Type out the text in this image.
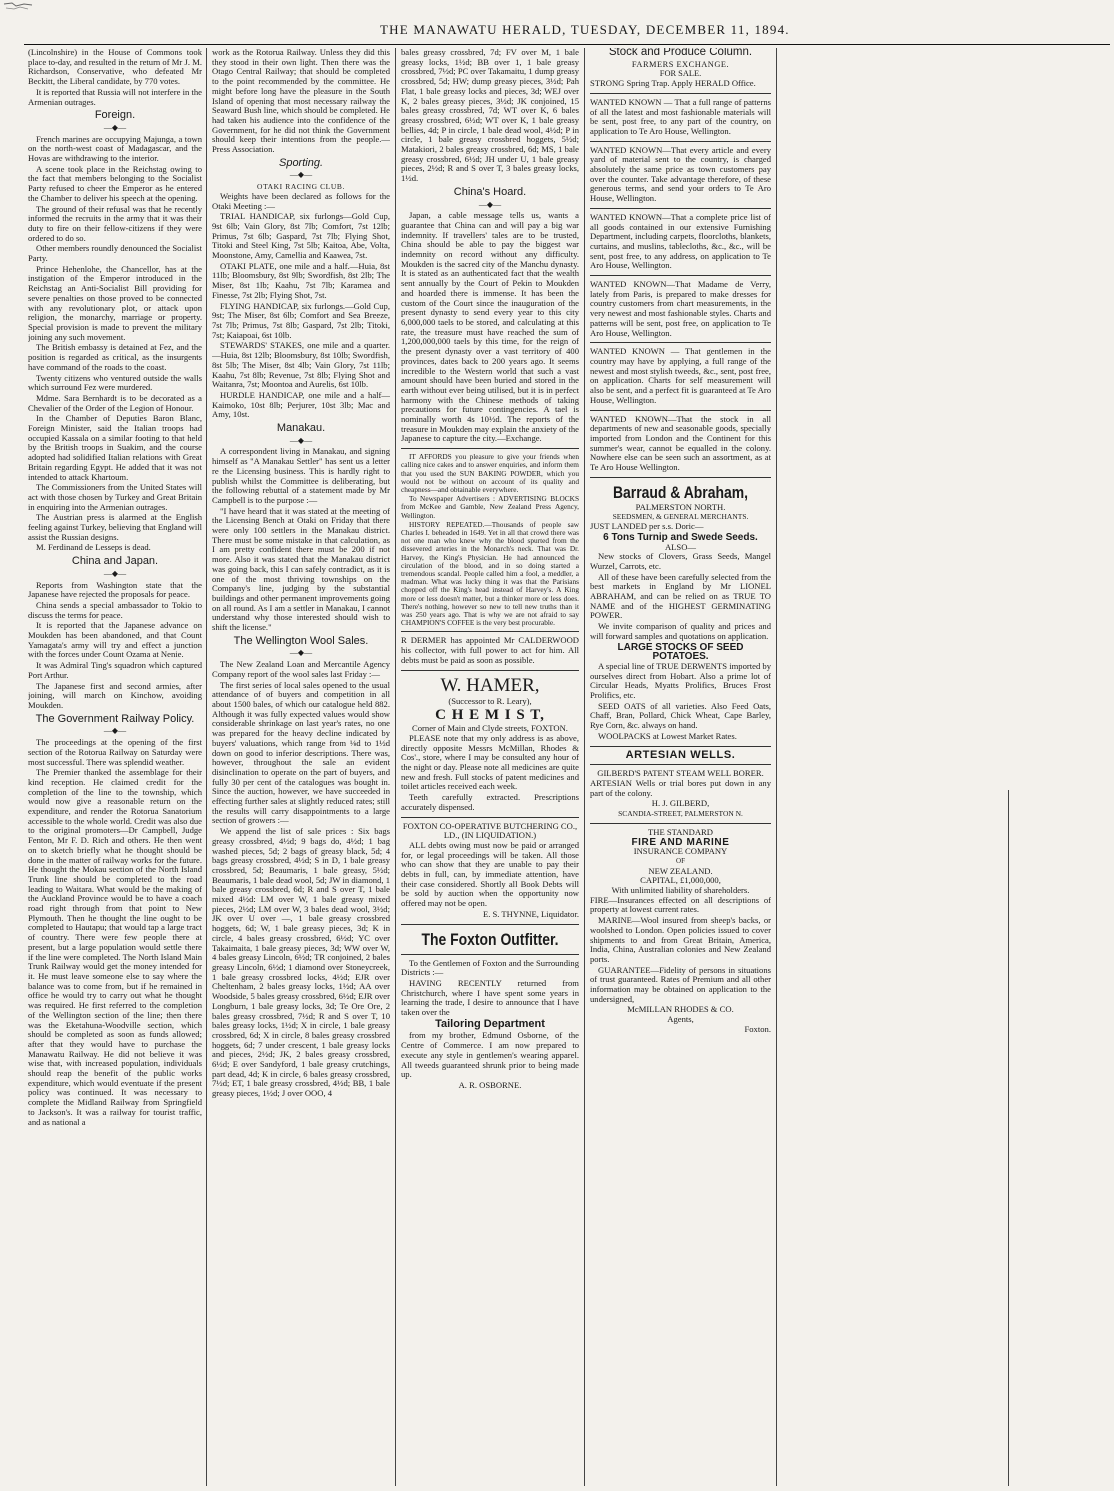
THE MANAWATU HERALD, TUESDAY, DECEMBER 11, 1894.

(Lincolnshire) in the House of Commons took place to-day, and resulted in the return of Mr J. M. Richardson, Conservative, who defeated Mr Beckitt, the Liberal candidate, by 770 votes.

It is reported that Russia will not interfere in the Armenian outrages.

Foreign.
—◆—

French marines are occupying Majunga, a town on the north-west coast of Madagascar, and the Hovas are withdrawing to the interior.

A scene took place in the Reichstag owing to the fact that members belonging to the Socialist Party refused to cheer the Emperor as he entered the Chamber to deliver his speech at the opening.

The ground of their refusal was that he recently informed the recruits in the army that it was their duty to fire on their fellow-citizens if they were ordered to do so.

Other members roundly denounced the Socialist Party.

Prince Hehenlohe, the Chancellor, has at the instigation of the Emperor introduced in the Reichstag an Anti-Socialist Bill providing for severe penalties on those proved to be connected with any revolutionary plot, or attack upon religion, the monarchy, marriage or property. Special provision is made to prevent the military joining any such movement.

The British embassy is detained at Fez, and the position is regarded as critical, as the insurgents have command of the roads to the coast.

Twenty citizens who ventured outside the walls which surround Fez were murdered.

Mdme. Sara Bernhardt is to be decorated as a Chevalier of the Order of the Legion of Honour.

In the Chamber of Deputies Baron Blanc, Foreign Minister, said the Italian troops had occupied Kassala on a similar footing to that held by the British troops in Suakim, and the course adopted had solidified Italian relations with Great Britain regarding Egypt. He added that it was not intended to attack Khartoum.

The Commissioners from the United States will act with those chosen by Turkey and Great Britain in enquiring into the Armenian outrages.

The Austrian press is alarmed at the English feeling against Turkey, believing that England will assist the Russian designs.

M. Ferdinand de Lesseps is dead.

China and Japan.
—◆—

Reports from Washington state that the Japanese have rejected the proposals for peace.

China sends a special ambassador to Tokio to discuss the terms for peace.

It is reported that the Japanese advance on Moukden has been abandoned, and that Count Yamagata's army will try and effect a junction with the forces under Count Ozama at Nenie.

It was Admiral Ting's squadron which captured Port Arthur.

The Japanese first and second armies, after joining, will march on Kinchow, avoiding Moukden.

The Government Railway Policy.
—◆—

The proceedings at the opening of the first section of the Rotorua Railway on Saturday were most successful. There was splendid weather.

The Premier thanked the assemblage for their kind reception. He claimed credit for the completion of the line to the township, which would now give a reasonable return on the expenditure, and render the Rotorua Sanatorium accessible to the whole world. Credit was also due to the original promoters—Dr Campbell, Judge Fenton, Mr F. D. Rich and others. He then went on to sketch briefly what he thought should be done in the matter of railway works for the future. He thought the Mokau section of the North Island Trunk line should be completed to the road leading to Waitara. What would be the making of the Auckland Province would be to have a coach road right through from that point to New Plymouth. Then he thought the line ought to be completed to Hautapu; that would tap a large tract of country. There were few people there at present, but a large population would settle there if the line were completed. The North Island Main Trunk Railway would get the money intended for it. He must leave someone else to say where the balance was to come from, but if he remained in office he would try to carry out what he thought was required. He first referred to the completion of the Wellington section of the line; then there was the Eketahuna-Woodville section, which should be completed as soon as funds allowed; after that they would have to purchase the Manawatu Railway. He did not believe it was wise that, with increased population, individuals should reap the benefit of the public works expenditure, which would eventuate if the present policy was continued. It was necessary to complete the Midland Railway from Springfield to Jackson's. It was a railway for tourist traffic, and as national a

work as the Rotorua Railway. Unless they did this they stood in their own light. Then there was the Otago Central Railway; that should be completed to the point recommended by the committee. He might before long have the pleasure in the South Island of opening that most necessary railway the Seaward Bush line, which should be completed. He had taken his audience into the confidence of the Government, for he did not think the Government should keep their intentions from the people.—Press Association.

Sporting.
—◆—
OTAKI RACING CLUB.

Weights have been declared as follows for the Otaki Meeting :—

TRIAL HANDICAP, six furlongs—Gold Cup, 9st 6lb; Vain Glory, 8st 7lb; Comfort, 7st 12lb; Primus, 7st 6lb; Gaspard, 7st 7lb; Flying Shot, Titoki and Steel King, 7st 5lb; Kaitoa, Abe, Volta, Moonstone, Amy, Camellia and Kaawea, 7st.

OTAKI PLATE, one mile and a half.—Huia, 8st 11lb; Bloomsbury, 8st 9lb; Swordfish, 8st 2lb; The Miser, 8st 1lb; Kaahu, 7st 7lb; Karamea and Finesse, 7st 2lb; Flying Shot, 7st.

FLYING HANDICAP, six furlongs.—Gold Cup, 9st; The Miser, 8st 6lb; Comfort and Sea Breeze, 7st 7lb; Primus, 7st 8lb; Gaspard, 7st 2lb; Titoki, 7st; Kaiapoai, 6st 10lb.

STEWARDS' STAKES, one mile and a quarter.—Huia, 8st 12lb; Bloomsbury, 8st 10lb; Swordfish, 8st 5lb; The Miser, 8st 4lb; Vain Glory, 7st 11lb; Kaahu, 7st 8lb; Revenue, 7st 8lb; Flying Shot and Waitanra, 7st; Moontoa and Aurelis, 6st 10lb.

HURDLE HANDICAP, one mile and a half—Kaimoko, 10st 8lb; Perjurer, 10st 3lb; Mac and Amy, 10st.

Manakau.
—◆—

A correspondent living in Manakau, and signing himself as "A Manakau Settler" has sent us a letter re the Licensing business. This is hardly right to publish whilst the Committee is deliberating, but the following rebuttal of a statement made by Mr Campbell is to the purpose :—

"I have heard that it was stated at the meeting of the Licensing Bench at Otaki on Friday that there were only 100 settlers in the Manakau district. There must be some mistake in that calculation, as I am pretty confident there must be 200 if not more. Also it was stated that the Manakau district was going back, this I can safely contradict, as it is one of the most thriving townships on the Company's line, judging by the substantial buildings and other permanent improvements going on all round. As I am a settler in Manakau, I cannot understand why those interested should wish to shift the license."

The Wellington Wool Sales.
—◆—

The New Zealand Loan and Mercantile Agency Company report of the wool sales last Friday :—

The first series of local sales opened to the usual attendance of of buyers and competition in all about 1500 bales, of which our catalogue held 882. Although it was fully expected values would show considerable shrinkage on last year's rates, no one was prepared for the heavy decline indicated by buyers' valuations, which range from ⅛d to 1½d down on good to inferior descriptions. There was, however, throughout the sale an evident disinclination to operate on the part of buyers, and fully 30 per cent of the catalogues was bought in. Since the auction, however, we have succeeded in effecting further sales at slightly reduced rates; still the results will carry disappointments to a large section of growers :—

We append the list of sale prices : Six bags greasy crossbred, 4½d; 9 bags do, 4½d; 1 bag washed pieces, 5d; 2 bags of greasy black, 5d; 4 bags greasy crossbred, 4½d; S in D, 1 bale greasy crossbred, 5d; Beaumaris, 1 bale greasy, 5½d; Beaumaris, 1 bale dead wool, 5d; JW in diamond, 1 bale greasy crossbred, 6d; R and S over T, 1 bale mixed 4½d: LM over W, 1 bale greasy mixed pieces, 2½d; LM over W, 3 bales dead wool, 3½d; JK over U over —, 1 bale greasy crossbred hoggets, 6d; W, 1 bale greasy pieces, 3d; K in circle, 4 bales greasy crossbred, 6½d; YC over Takaimaita, 1 bale greasy pieces, 3d; WW over W, 4 bales greasy Lincoln, 6½d; TR conjoined, 2 bales greasy Lincoln, 6½d; 1 diamond over Stoneycreek, 1 bale greasy crossbred locks, 4½d; EJR over Cheltenham, 2 bales greasy locks, 1½d; AA over Woodside, 5 bales greasy crossbred, 6½d; EJR over Longburn, 1 bale greasy locks, 3d; Te Ore Ore, 2 bales greasy crossbred, 7½d; R and S over T, 10 bales greasy locks, 1½d; X in circle, 1 bale greasy crossbred, 6d; X in circle, 8 bales greasy crossbred hoggets, 6d; 7 under crescent, 1 bale greasy locks and pieces, 2½d; JK, 2 bales greasy crossbred, 6½d; E over Sandyford, 1 bale greasy crutchings, part dead, 4d; K in circle, 6 bales greasy crossbred, 7½d; ET, 1 bale greasy crossbred, 4½d; BB, 1 bale greasy pieces, 1½d; J over OOO, 4

bales greasy crossbred, 7d; FV over M, 1 bale greasy locks, 1½d; BB over 1, 1 bale greasy crossbred, 7½d; PC over Takamaitu, 1 dump greasy crossbred, 5d; HW; dump greasy pieces, 3½d; Pah Flat, 1 bale greasy locks and pieces, 3d; WEJ over K, 2 bales greasy pieces, 3½d; JK conjoined, 15 bales greasy crossbred, 7d; WT over K, 6 bales greasy crossbred, 6½d; WT over K, 1 bale greasy bellies, 4d; P in circle, 1 bale dead wool, 4½d; P in circle, 1 bale greasy crossbred hoggets, 5½d; Matakiori, 2 bales greasy crossbred, 6d; MS, 1 bale greasy crossbred, 6½d; JH under U, 1 bale greasy pieces, 2½d; R and S over T, 3 bales greasy locks, 1½d.

China's Hoard.
—◆—

Japan, a cable message tells us, wants a guarantee that China can and will pay a big war indemnity. If travellers' tales are to be trusted, China should be able to pay the biggest war indemnity on record without any difficulty. Moukden is the sacred city of the Manchu dynasty. It is stated as an authenticated fact that the wealth sent annually by the Court of Pekin to Moukden and hoarded there is immense. It has been the custom of the Court since the inauguration of the present dynasty to send every year to this city 6,000,000 taels to be stored, and calculating at this rate, the treasure must have reached the sum of 1,200,000,000 taels by this time, for the reign of the present dynasty over a vast territory of 400 provinces, dates back to 200 years ago. It seems incredible to the Western world that such a vast amount should have been buried and stored in the earth without ever being utilised, but it is in perfect harmony with the Chinese methods of taking precautions for future contingencies. A tael is nominally worth 4s 10½d. The reports of the treasure in Moukden may explain the anxiety of the Japanese to capture the city.—Exchange.

IT AFFORDS you pleasure to give your friends when calling nice cakes and to answer enquiries, and inform them that you used the SUN BAKING POWDER, which you would not be without on account of its quality and cheapness—and obtainable everywhere.

To Newspaper Advertisers : ADVERTISING BLOCKS from McKee and Gamble, New Zealand Press Agency, Wellington.

HISTORY REPEATED.—Thousands of people saw Charles I. beheaded in 1649. Yet in all that crowd there was not one man who knew why the blood spurted from the dissevered arteries in the Monarch's neck. That was Dr. Harvey, the King's Physician. He had announced the circulation of the blood, and in so doing started a tremendous scandal. People called him a fool, a meddler, a madman. What was lucky thing it was that the Parisians chopped off the King's head instead of Harvey's. A King more or less doesn't matter, but a thinker more or less does. There's nothing, however so new to tell new truths than it was 250 years ago. That is why we are not afraid to say CHAMPION'S COFFEE is the very best procurable.

R DERMER has appointed Mr CALDERWOOD his collector, with full power to act for him. All debts must be paid as soon as possible.

W. HAMER,
(Successor to R. Leary),
C H E M I S T,
Corner of Main and Clyde streets, FOXTON.

PLEASE note that my only address is as above, directly opposite Messrs McMillan, Rhodes & Cos'., store, where I may be consulted any hour of the night or day. Please note all medicines are quite new and fresh. Full stocks of patent medicines and toilet articles received each week.

Teeth carefully extracted. Prescriptions accurately dispensed.

FOXTON CO-OPERATIVE BUTCHERING CO., LD., (IN LIQUIDATION.)

ALL debts owing must now be paid or arranged for, or legal proceedings will be taken. All those who can show that they are unable to pay their debts in full, can, by immediate attention, have their case considered. Shortly all Book Debts will be sold by auction when the opportunity now offered may not be open.

E. S. THYNNE, Liquidator.
The Foxton Outfitter.

To the Gentlemen of Foxton and the Surrounding Districts :—

HAVING RECENTLY returned from Christchurch, where I have spent some years in learning the trade, I desire to announce that I have taken over the

Tailoring Department

from my brother, Edmund Osborne, of the Centre of Commerce. I am now prepared to execute any style in gentlemen's wearing apparel. All tweeds guaranteed shrunk prior to being made up.

A. R. OSBORNE.
Stock and Produce Column.
FARMERS EXCHANGE.
FOR SALE.

STRONG Spring Trap. Apply HERALD Office.

WANTED KNOWN — That a full range of patterns of all the latest and most fashionable materials will be sent, post free, to any part of the country, on application to Te Aro House, Wellington.

WANTED KNOWN—That every article and every yard of material sent to the country, is charged absolutely the same price as town customers pay over the counter. Take advantage therefore, of these generous terms, and send your orders to Te Aro House, Wellington.

WANTED KNOWN—That a complete price list of all goods contained in our extensive Furnishing Department, including carpets, floorcloths, blankets, curtains, and muslins, tablecloths, &c., &c., will be sent, post free, to any address, on application to Te Aro House, Wellington.

WANTED KNOWN—That Madame de Verry, lately from Paris, is prepared to make dresses for country customers from chart measurements, in the very newest and most fashionable styles. Charts and patterns will be sent, post free, on application to Te Aro House, Wellington.

WANTED KNOWN — That gentlemen in the country may have by applying, a full range of the newest and most stylish tweeds, &c., sent, post free, on application. Charts for self measurement will also be sent, and a perfect fit is guaranteed at Te Aro House, Wellington.

WANTED KNOWN—That the stock in all departments of new and seasonable goods, specially imported from London and the Continent for this summer's wear, cannot be equalled in the colony. Nowhere else can be seen such an assortment, as at Te Aro House Wellington.

Barraud & Abraham,
PALMERSTON NORTH.
SEEDSMEN, & GENERAL MERCHANTS.

JUST LANDED per s.s. Doric—

6 Tons Turnip and Swede Seeds.
ALSO—

New stocks of Clovers, Grass Seeds, Mangel Wurzel, Carrots, etc.

All of these have been carefully selected from the best markets in England by Mr LIONEL ABRAHAM, and can be relied on as TRUE TO NAME and of the HIGHEST GERMINATING POWER.

We invite comparison of quality and prices and will forward samples and quotations on application.

LARGE STOCKS OF SEED POTATOES.

A special line of TRUE DERWENTS imported by ourselves direct from Hobart. Also a prime lot of Circular Heads, Myatts Prolifics, Bruces Frost Prolifics, etc.

SEED OATS of all varieties. Also Feed Oats, Chaff, Bran, Pollard, Chick Wheat, Cape Barley, Rye Corn, &c. always on hand.

WOOLPACKS at Lowest Market Rates.

ARTESIAN WELLS.
GILBERD'S PATENT STEAM WELL BORER.

ARTESIAN Wells or trial bores put down in any part of the colony.

H. J. GILBERD,
SCANDIA-STREET, PALMERSTON N.
THE STANDARD
FIRE AND MARINE
INSURANCE COMPANY
OF
NEW ZEALAND.
CAPITAL, £1,000,000,
With unlimited liability of shareholders.

FIRE—Insurances effected on all descriptions of property at lowest current rates.

MARINE—Wool insured from sheep's backs, or woolshed to London. Open policies issued to cover shipments to and from Great Britain, America, India, China, Australian colonies and New Zealand ports.

GUARANTEE—Fidelity of persons in situations of trust guaranteed. Rates of Premium and all other information may be obtained on application to the undersigned,

McMILLAN RHODES & CO.
Agents,
Foxton.
